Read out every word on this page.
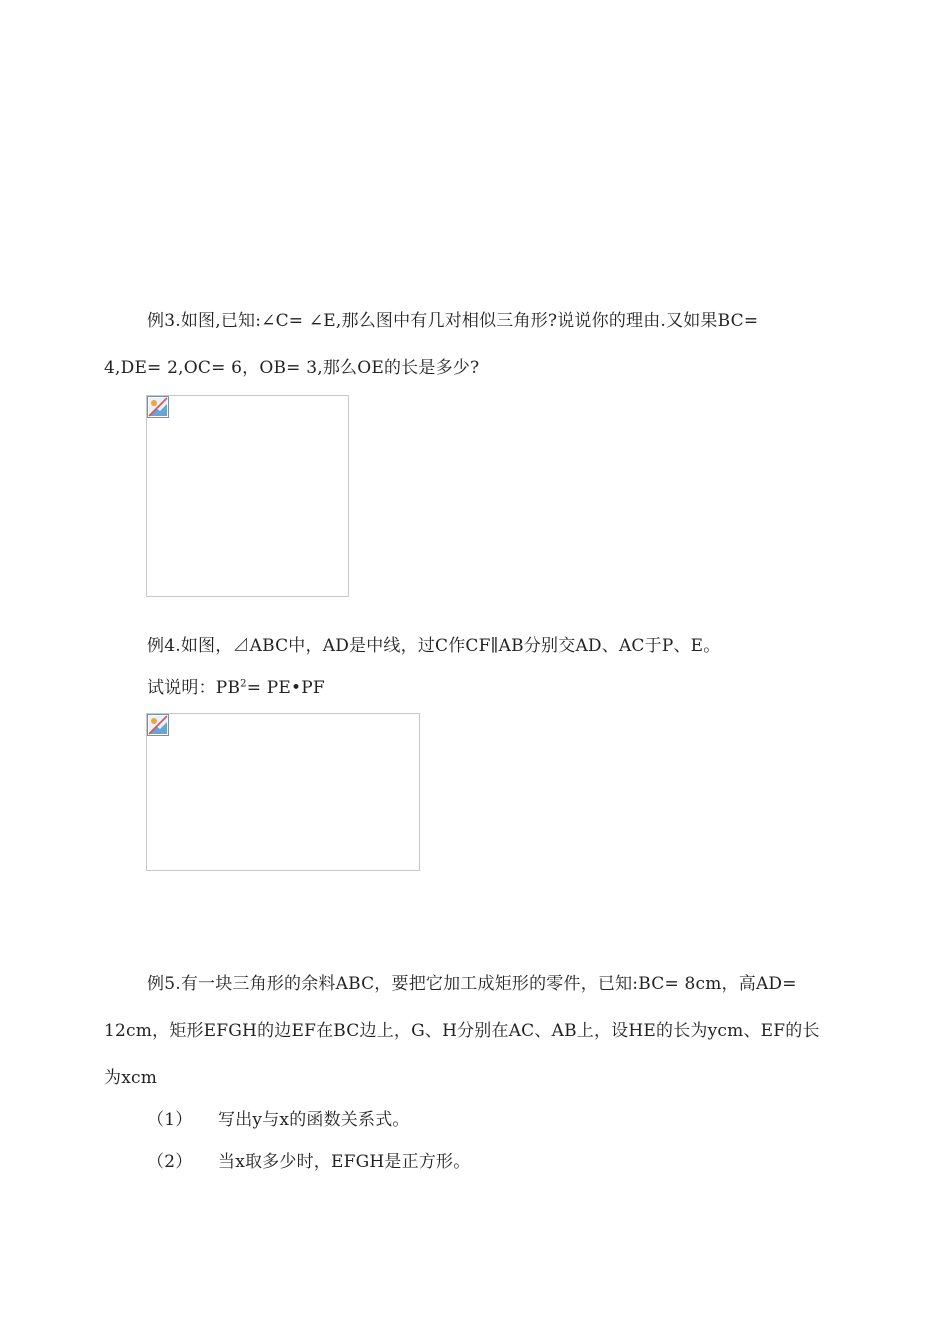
例3.如图,已知:∠C= ∠E,那么图中有几对相似三角形?说说你的理由.又如果BC=
4,DE= 2,OC= 6，OB= 3,那么OE的长是多少?
例4.如图，⊿ABC中，AD是中线，过C作CF∥AB分别交AD、AC于P、E。
试说明：$PB^2=$ PE•PF
例5.有一块三角形的余料ABC，要把它加工成矩形的零件，已知:BC= 8cm，高AD=
12cm，矩形EFGH的边EF在BC边上，G、H分别在AC、AB上，设HE的长为ycm、EF的长
为xcm
（1） 写出y与x的函数关系式。
（2） 当x取多少时，EFGH是正方形。
